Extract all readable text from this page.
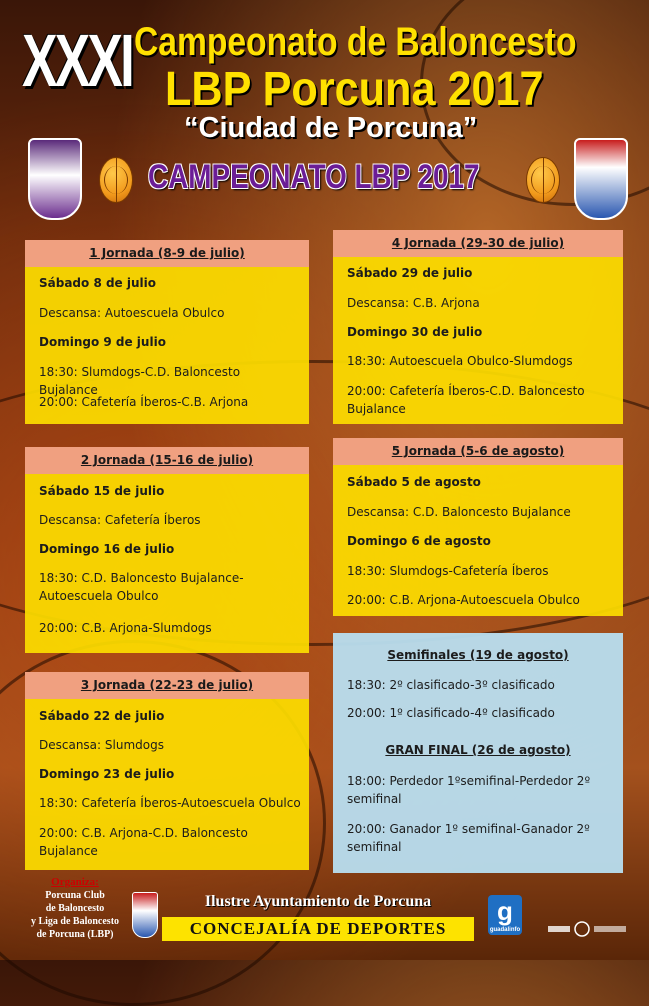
XXXI Campeonato de Baloncesto
LBP Porcuna 2017
“Ciudad de Porcuna”
CAMPEONATO LBP 2017
1 Jornada (8-9 de julio)
Sábado 8 de julio
Descansa: Autoescuela Obulco
Domingo 9 de julio
18:30: Slumdogs-C.D. Baloncesto Bujalance
20:00: Cafetería Íberos-C.B. Arjona
2 Jornada (15-16 de julio)
Sábado 15 de julio
Descansa: Cafetería Íberos
Domingo 16 de julio
18:30: C.D. Baloncesto Bujalance-
Autoescuela Obulco
20:00: C.B. Arjona-Slumdogs
3 Jornada (22-23 de julio)
Sábado 22 de julio
Descansa: Slumdogs
Domingo 23 de julio
18:30: Cafetería Íberos-Autoescuela Obulco
20:00: C.B. Arjona-C.D. Baloncesto
Bujalance
4 Jornada (29-30 de julio)
Sábado 29 de julio
Descansa: C.B. Arjona
Domingo 30 de julio
18:30: Autoescuela Obulco-Slumdogs
20:00: Cafetería Íberos-C.D. Baloncesto
Bujalance
5 Jornada (5-6 de agosto)
Sábado 5 de agosto
Descansa: C.D. Baloncesto Bujalance
Domingo 6 de agosto
18:30: Slumdogs-Cafetería Íberos
20:00: C.B. Arjona-Autoescuela Obulco
Semifinales (19 de agosto)
18:30: 2º clasificado-3º clasificado
20:00: 1º clasificado-4º clasificado
GRAN FINAL (26 de agosto)
18:00: Perdedor 1ºsemifinal-Perdedor 2º
semifinal
20:00: Ganador 1º semifinal-Ganador 2º
semifinal
Organiza:
Porcuna Club
de Baloncesto
y Liga de Baloncesto
de Porcuna (LBP)
Ilustre Ayuntamiento de Porcuna
CONCEJALÍA DE DEPORTES
g
guadalinfo
